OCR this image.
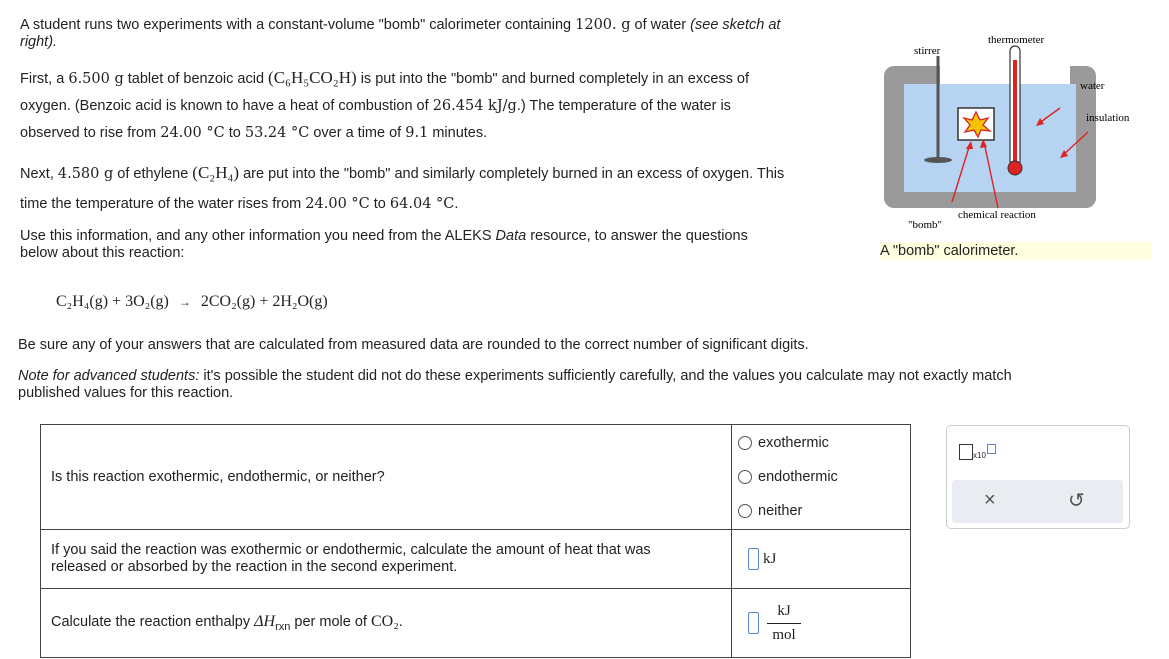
A student runs two experiments with a constant-volume "bomb" calorimeter containing 1200. g of water (see sketch at
right).
First, a 6.500 g tablet of benzoic acid (C₆H₅CO₂H) is put into the "bomb" and burned completely in an excess of
oxygen. (Benzoic acid is known to have a heat of combustion of 26.454 kJ/g.) The temperature of the water is
observed to rise from 24.00 °C to 53.24 °C over a time of 9.1 minutes.
Next, 4.580 g of ethylene (C₂H₄) are put into the "bomb" and similarly completely burned in an excess of oxygen. This
time the temperature of the water rises from 24.00 °C to 64.04 °C.
Use this information, and any other information you need from the ALEKS Data resource, to answer the questions
below about this reaction:
C₂H₄(g) + 3O₂(g) → 2CO₂(g) + 2H₂O(g)
Be sure any of your answers that are calculated from measured data are rounded to the correct number of significant digits.
Note for advanced students: it's possible the student did not do these experiments sufficiently carefully, and the values you calculate may not exactly match
published values for this reaction.
stirrer
thermometer
water
insulation
chemical reaction
"bomb"
A "bomb" calorimeter.
Is this reaction exothermic, endothermic, or neither?	exothermic
endothermic
neither

If you said the reaction was exothermic or endothermic, calculate the amount of heat that was
released or absorbed by the reaction in the second experiment.	kJ
Calculate the reaction enthalpy $\Delta H_{rxn}$ per mole of CO₂.	kJ
mol
x10
×	↺
